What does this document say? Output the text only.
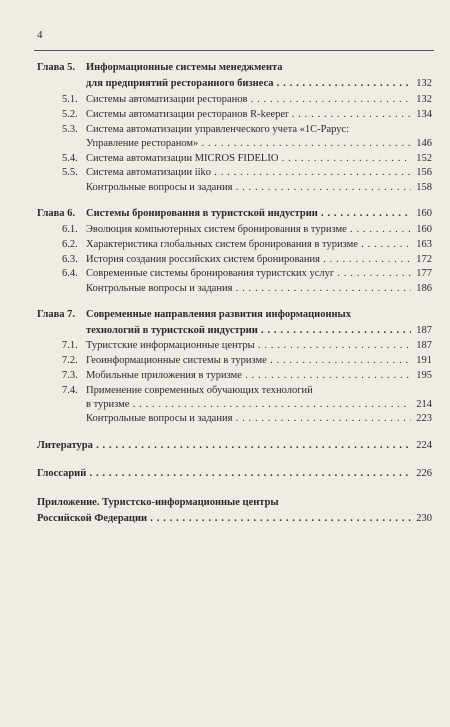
4
Глава 5. Информационные системы менеджмента
для предприятий ресторанного бизнеса . . .	132
5.1. Системы автоматизации ресторанов . . .	132
5.2. Системы автоматизации ресторанов R-keeper . . .	134
5.3. Система автоматизации управленческого учета «1С-Рарус:
Управление рестораном» . . .	146
5.4. Система автоматизации MICROS FIDELIO . . .	152
5.5. Система автоматизации iiko . . .	156
Контрольные вопросы и задания . . .	158
Глава 6. Системы бронирования в туристской индустрии . . .	160
6.1. Эволюция компьютерных систем бронирования в туризме . . .	160
6.2. Характеристика глобальных систем бронирования в туризме . . .	163
6.3. История создания российских систем бронирования . . .	172
6.4. Современные системы бронирования туристских услуг . . .	177
Контрольные вопросы и задания . . .	186
Глава 7. Современные направления развития информационных
технологий в туристской индустрии . . .	187
7.1. Туристские информационные центры . . .	187
7.2. Геоинформационные системы в туризме . . .	191
7.3. Мобильные приложения в туризме . . .	195
7.4. Применение современных обучающих технологий
в туризме . . .	214
Контрольные вопросы и задания . . .	223
Литература . . .	224
Глоссарий . . .	226
Приложение. Туристско-информационные центры
Российской Федерации . . .	230
